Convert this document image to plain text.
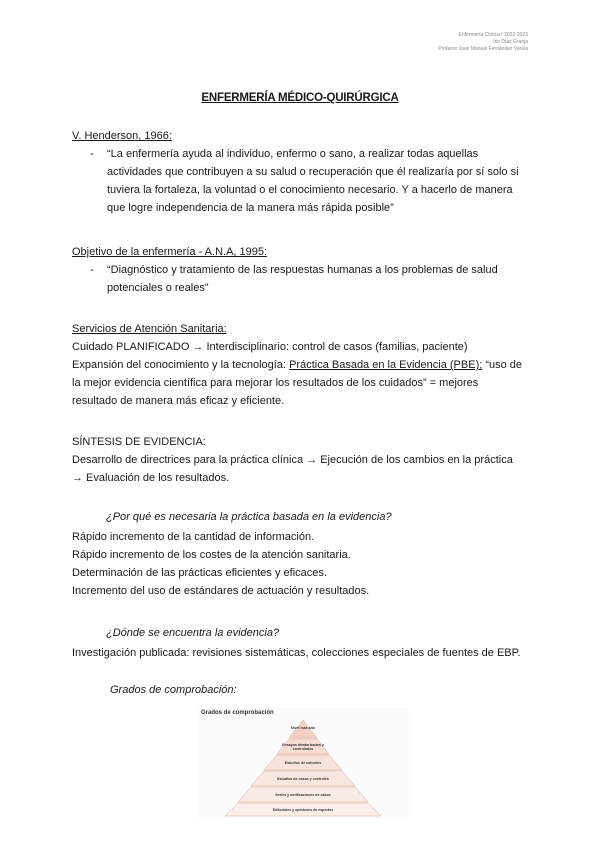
Enfermería Clínica I 2022-2023
Iris Díaz Granja
Profesor Juan Manuel Fernández Varela
ENFERMERÍA MÉDICO-QUIRÚRGICA
V. Henderson, 1966:
- “La enfermería ayuda al individuo, enfermo o sano, a realizar todas aquellas
actividades que contribuyen a su salud o recuperación que él realizaría por sí solo si
tuviera la fortaleza, la voluntad o el conocimiento necesario. Y a hacerlo de manera
que logre independencia de la manera más rápida posible”
Objetivo de la enfermería - A.N.A, 1995:
- “Diagnóstico y tratamiento de las respuestas humanas a los problemas de salud
potenciales o reales”
Servicios de Atención Sanitaria:
Cuidado PLANIFICADO → Interdisciplinario: control de casos (familias, paciente)
Expansión del conocimiento y la tecnología: Práctica Basada en la Evidencia (PBE); “uso de
la mejor evidencia científica para mejorar los resultados de los cuidados” = mejores
resultado de manera más eficaz y eficiente.
SÍNTESIS DE EVIDENCIA:
Desarrollo de directrices para la práctica clínica → Ejecución de los cambios en la práctica
→ Evaluación de los resultados.
¿Por qué es necesaria la práctica basada en la evidencia?
Rápido incremento de la cantidad de información.
Rápido incremento de los costes de la atención sanitaria.
Determinación de las prácticas eficientes y eficaces.
Incremento del uso de estándares de actuación y resultados.
¿Dónde se encuentra la evidencia?
Investigación publicada: revisiones sistemáticas, colecciones especiales de fuentes de EBP.
Grados de comprobación:
Grados de comprobación
Nivel más alto
Ensayos aleatorizados y controlados
Estudios de cohortes
Estudios de casos y controles
Series y notificaciones de casos
Editoriales y opiniones de expertos
